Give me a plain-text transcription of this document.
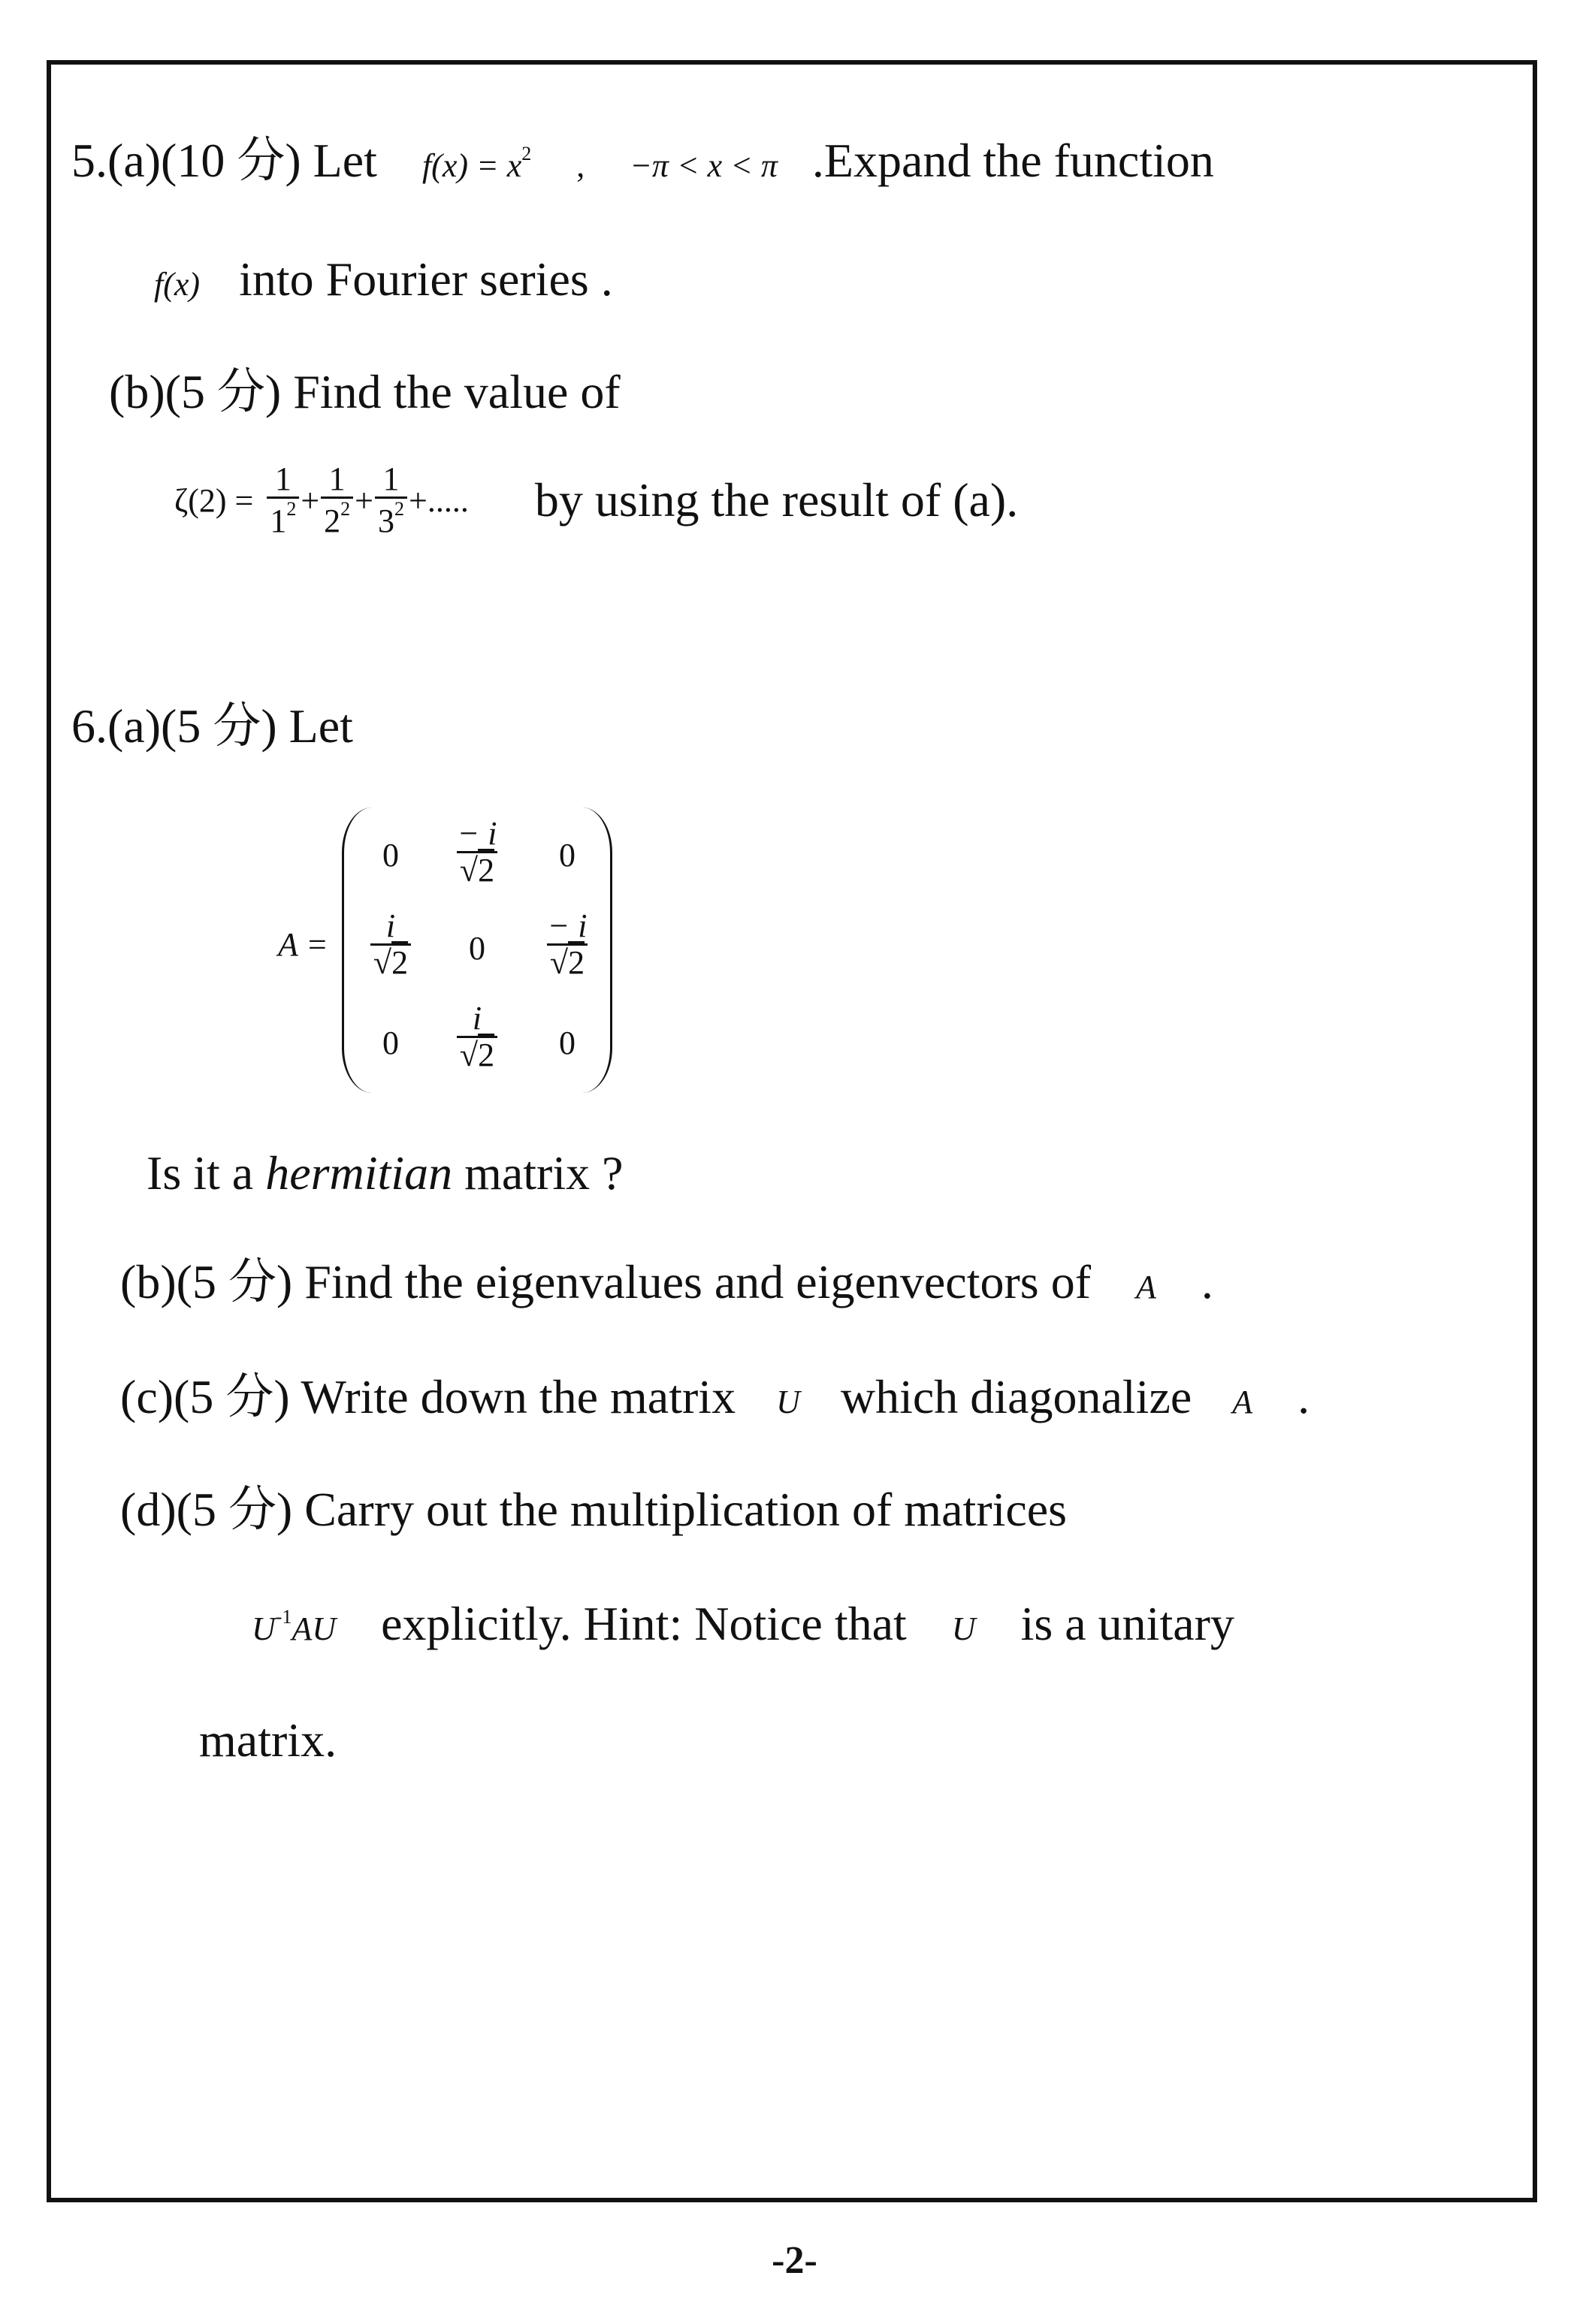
5.(a)(10 分) Let $f(x) = x^2$ , −π < x < π .Expand the function
f(x) into Fourier series .
(b)(5 分) Find the value of
$\zeta(2) = \frac{1}{1^2} + \frac{1}{2^2} + \frac{1}{3^2}$ +..... by using the result of (a).
6.(a)(5 分) Let
A =
0	$\frac{- i}{√2}$	0
$\frac{i}{√2}$	0	$\frac{- i}{√2}$
0	$\frac{i}{√2}$	0
Is it a hermitian matrix ?
(b)(5 分) Find the eigenvalues and eigenvectors of A .
(c)(5 分) Write down the matrix U which diagonalize A .
(d)(5 分) Carry out the multiplication of matrices
$U^{-1}AU$ explicitly. Hint: Notice that U is a unitary
matrix.
-2-
